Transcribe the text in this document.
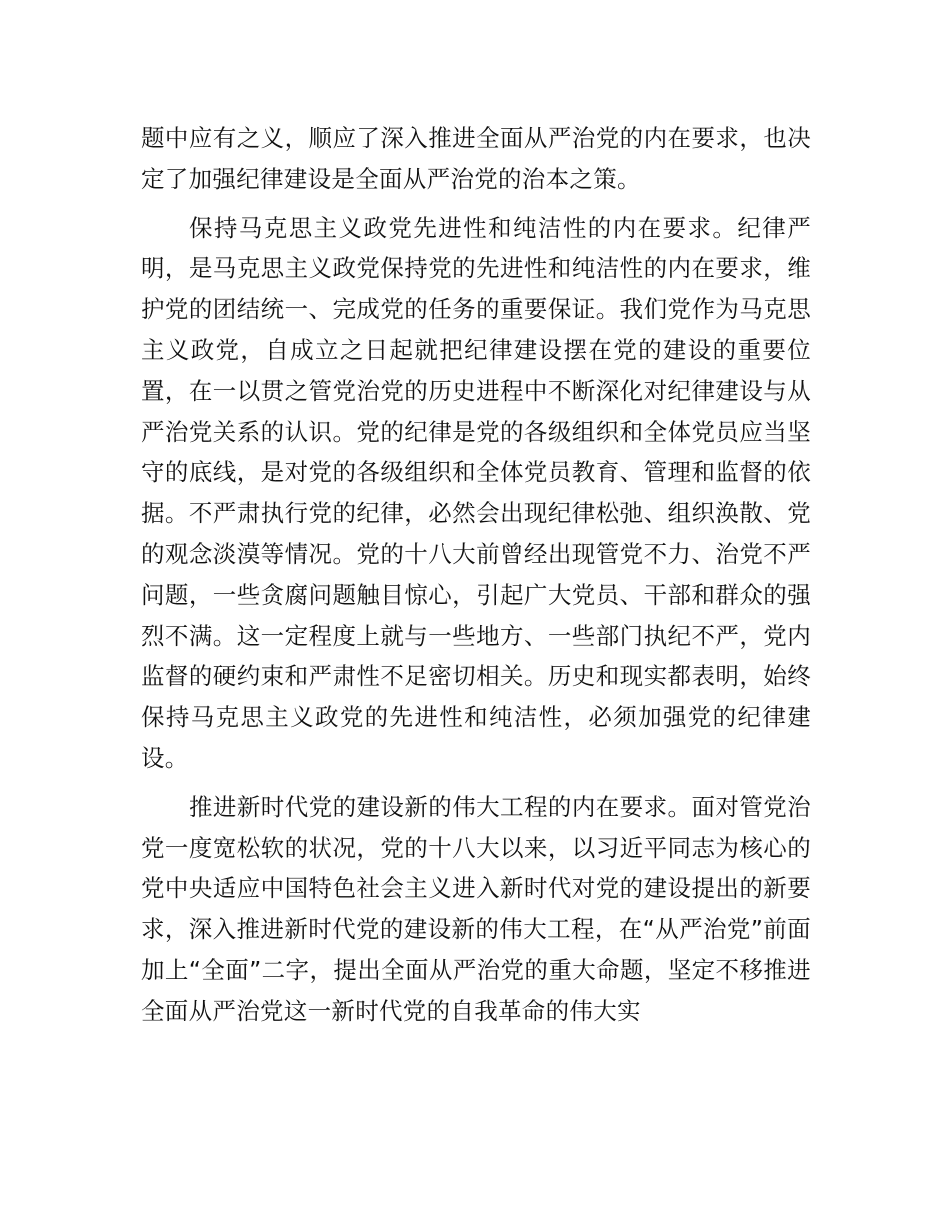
题中应有之义，顺应了深入推进全面从严治党的内在要求，也决定了加强纪律建设是全面从严治党的治本之策。

保持马克思主义政党先进性和纯洁性的内在要求。纪律严明，是马克思主义政党保持党的先进性和纯洁性的内在要求，维护党的团结统一、完成党的任务的重要保证。我们党作为马克思主义政党，自成立之日起就把纪律建设摆在党的建设的重要位置，在一以贯之管党治党的历史进程中不断深化对纪律建设与从严治党关系的认识。党的纪律是党的各级组织和全体党员应当坚守的底线，是对党的各级组织和全体党员教育、管理和监督的依据。不严肃执行党的纪律，必然会出现纪律松弛、组织涣散、党的观念淡漠等情况。党的十八大前曾经出现管党不力、治党不严问题，一些贪腐问题触目惊心，引起广大党员、干部和群众的强烈不满。这一定程度上就与一些地方、一些部门执纪不严，党内监督的硬约束和严肃性不足密切相关。历史和现实都表明，始终保持马克思主义政党的先进性和纯洁性，必须加强党的纪律建设。

推进新时代党的建设新的伟大工程的内在要求。面对管党治党一度宽松软的状况，党的十八大以来，以习近平同志为核心的党中央适应中国特色社会主义进入新时代对党的建设提出的新要求，深入推进新时代党的建设新的伟大工程，在“从严治党”前面加上“全面”二字，提出全面从严治党的重大命题，坚定不移推进全面从严治党这一新时代党的自我革命的伟大实
